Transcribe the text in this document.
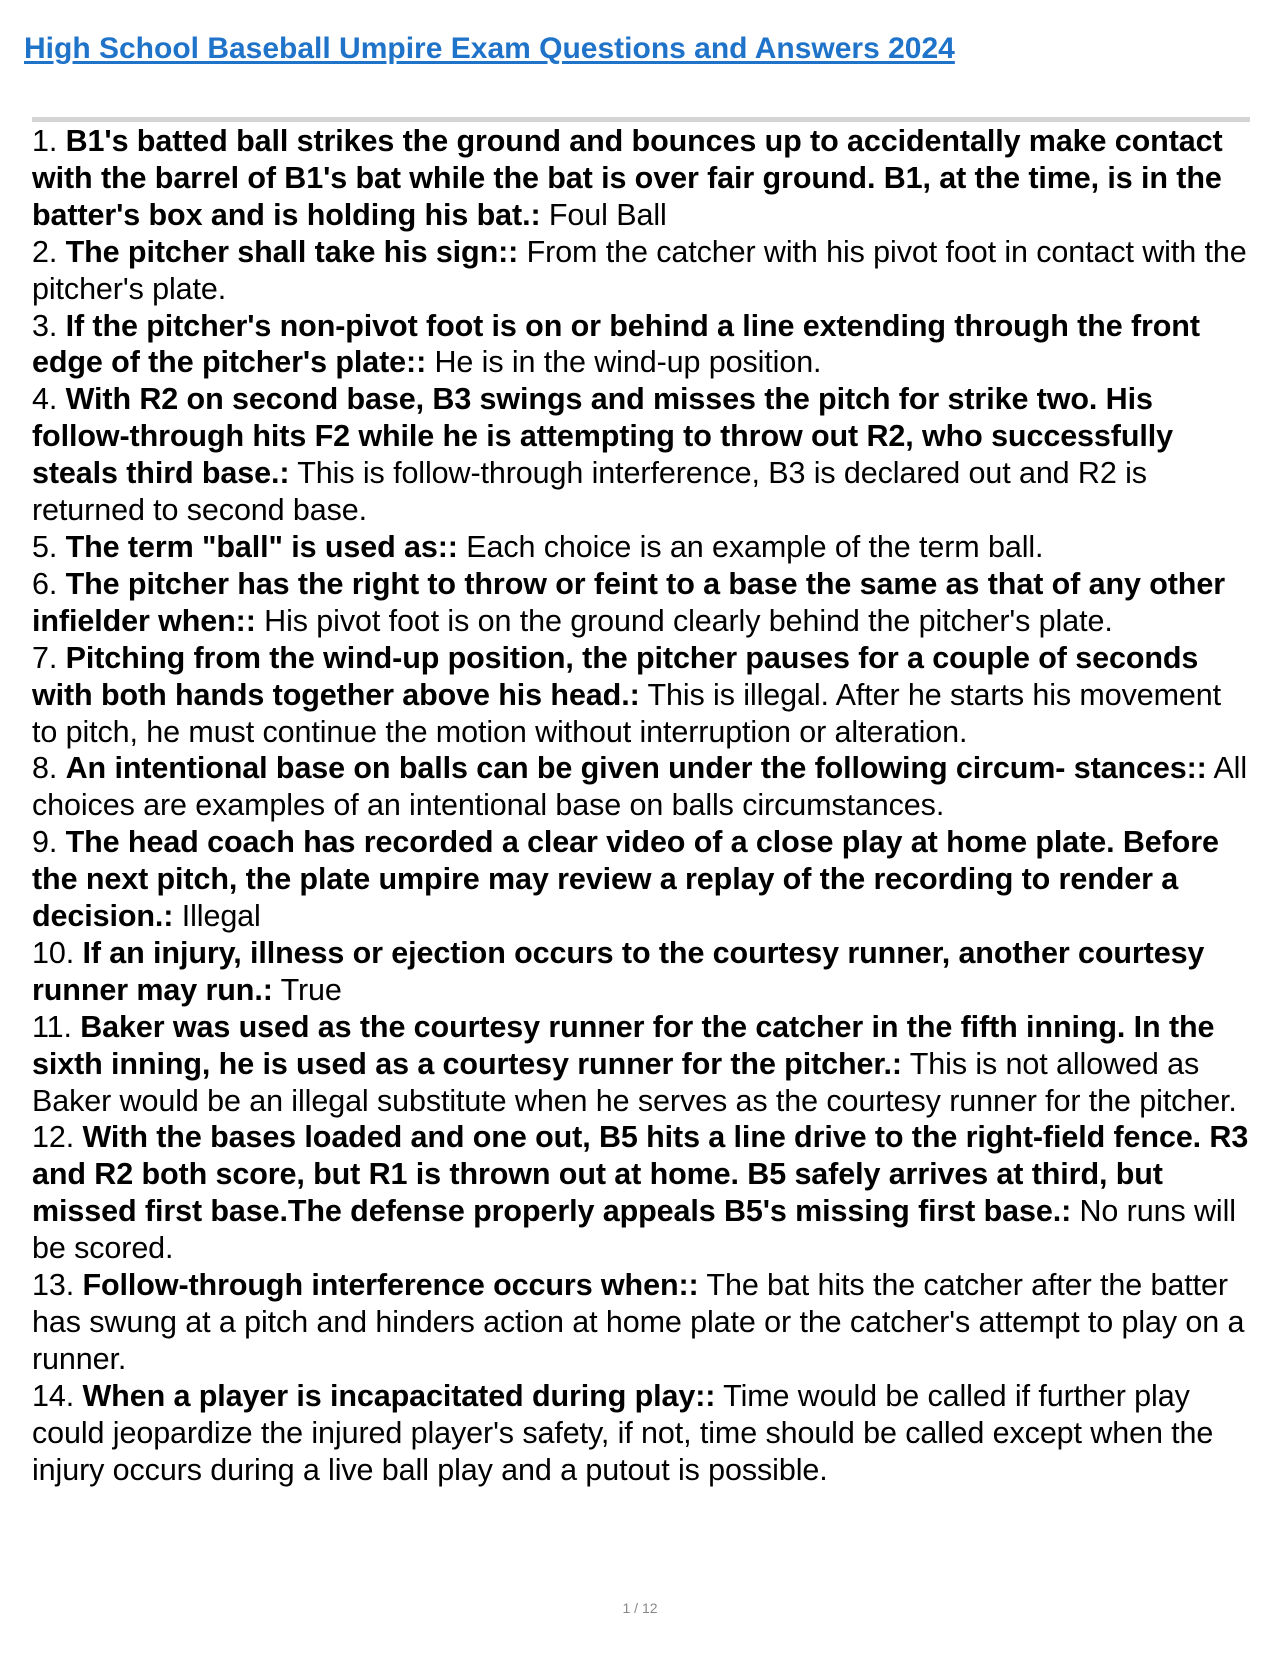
High School Baseball Umpire Exam Questions and Answers 2024

1. B1's batted ball strikes the ground and bounces up to accidentally make contact with the barrel of B1's bat while the bat is over fair ground. B1, at the time, is in the batter's box and is holding his bat.: Foul Ball

2. The pitcher shall take his sign:: From the catcher with his pivot foot in contact with the pitcher's plate.

3. If the pitcher's non-pivot foot is on or behind a line extending through the front edge of the pitcher's plate:: He is in the wind-up position.

4. With R2 on second base, B3 swings and misses the pitch for strike two. His follow-through hits F2 while he is attempting to throw out R2, who successfully steals third base.: This is follow-through interference, B3 is declared out and R2 is returned to second base.

5. The term "ball" is used as:: Each choice is an example of the term ball.

6. The pitcher has the right to throw or feint to a base the same as that of any other infielder when:: His pivot foot is on the ground clearly behind the pitcher's plate.

7. Pitching from the wind-up position, the pitcher pauses for a couple of seconds with both hands together above his head.: This is illegal. After he starts his movement to pitch, he must continue the motion without interruption or alteration.

8. An intentional base on balls can be given under the following circum- stances:: All choices are examples of an intentional base on balls circumstances.

9. The head coach has recorded a clear video of a close play at home plate. Before the next pitch, the plate umpire may review a replay of the recording to render a decision.: Illegal

10. If an injury, illness or ejection occurs to the courtesy runner, another courtesy runner may run.: True

11. Baker was used as the courtesy runner for the catcher in the fifth inning. In the sixth inning, he is used as a courtesy runner for the pitcher.: This is not allowed as Baker would be an illegal substitute when he serves as the courtesy runner for the pitcher.

12. With the bases loaded and one out, B5 hits a line drive to the right-field fence. R3 and R2 both score, but R1 is thrown out at home. B5 safely arrives at third, but missed first base.The defense properly appeals B5's missing first base.: No runs will be scored.

13. Follow-through interference occurs when:: The bat hits the catcher after the batter has swung at a pitch and hinders action at home plate or the catcher's attempt to play on a runner.

14. When a player is incapacitated during play:: Time would be called if further play could jeopardize the injured player's safety, if not, time should be called except when the injury occurs during a live ball play and a putout is possible.

1 / 12
